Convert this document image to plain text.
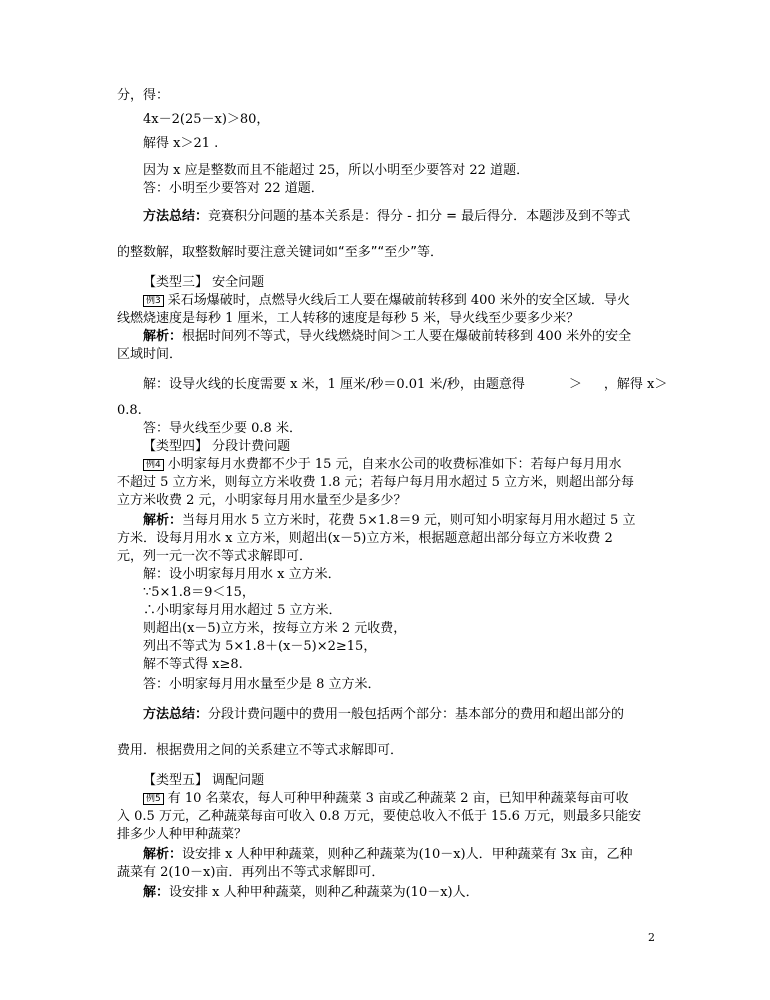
分，得：
4x－2(25－x)＞80，
解得 x＞21 .
因为 x 应是整数而且不能超过 25，所以小明至少要答对 22 道题．
答：小明至少要答对 22 道题．
方法总结：竞赛积分问题的基本关系是：得分 - 扣分 = 最后得分．本题涉及到不等式
的整数解，取整数解时要注意关键词如“至多”“至少”等．
【类型三】 安全问题
例3 采石场爆破时，点燃导火线后工人要在爆破前转移到 400 米外的安全区域．导火
线燃烧速度是每秒 1 厘米，工人转移的速度是每秒 5 米，导火线至少要多少米？
解析：根据时间列不等式，导火线燃烧时间＞工人要在爆破前转移到 400 米外的安全
区域时间．
解：设导火线的长度需要 x 米，1 厘米/秒＝0.01 米/秒，由题意得	＞ ，解得 x＞
0.8.
答：导火线至少要 0.8 米．
【类型四】 分段计费问题
例4 小明家每月水费都不少于 15 元，自来水公司的收费标准如下：若每户每月用水
不超过 5 立方米，则每立方米收费 1.8 元；若每户每月用水超过 5 立方米，则超出部分每
立方米收费 2 元，小明家每月用水量至少是多少？
解析：当每月用水 5 立方米时，花费 5×1.8＝9 元，则可知小明家每月用水超过 5 立
方米．设每月用水 x 立方米，则超出(x－5)立方米，根据题意超出部分每立方米收费 2
元，列一元一次不等式求解即可．
解：设小明家每月用水 x 立方米．
∵5×1.8＝9＜15，
∴小明家每月用水超过 5 立方米．
则超出(x－5)立方米，按每立方米 2 元收费，
列出不等式为 5×1.8＋(x－5)×2≥15，
解不等式得 x≥8.
答：小明家每月用水量至少是 8 立方米．
方法总结：分段计费问题中的费用一般包括两个部分：基本部分的费用和超出部分的
费用．根据费用之间的关系建立不等式求解即可．
【类型五】 调配问题
例5 有 10 名菜农，每人可种甲种蔬菜 3 亩或乙种蔬菜 2 亩，已知甲种蔬菜每亩可收
入 0.5 万元，乙种蔬菜每亩可收入 0.8 万元，要使总收入不低于 15.6 万元，则最多只能安
排多少人种甲种蔬菜？
解析：设安排 x 人种甲种蔬菜，则种乙种蔬菜为(10－x)人．甲种蔬菜有 3x 亩，乙种
蔬菜有 2(10－x)亩．再列出不等式求解即可．
解：设安排 x 人种甲种蔬菜，则种乙种蔬菜为(10－x)人．
2
